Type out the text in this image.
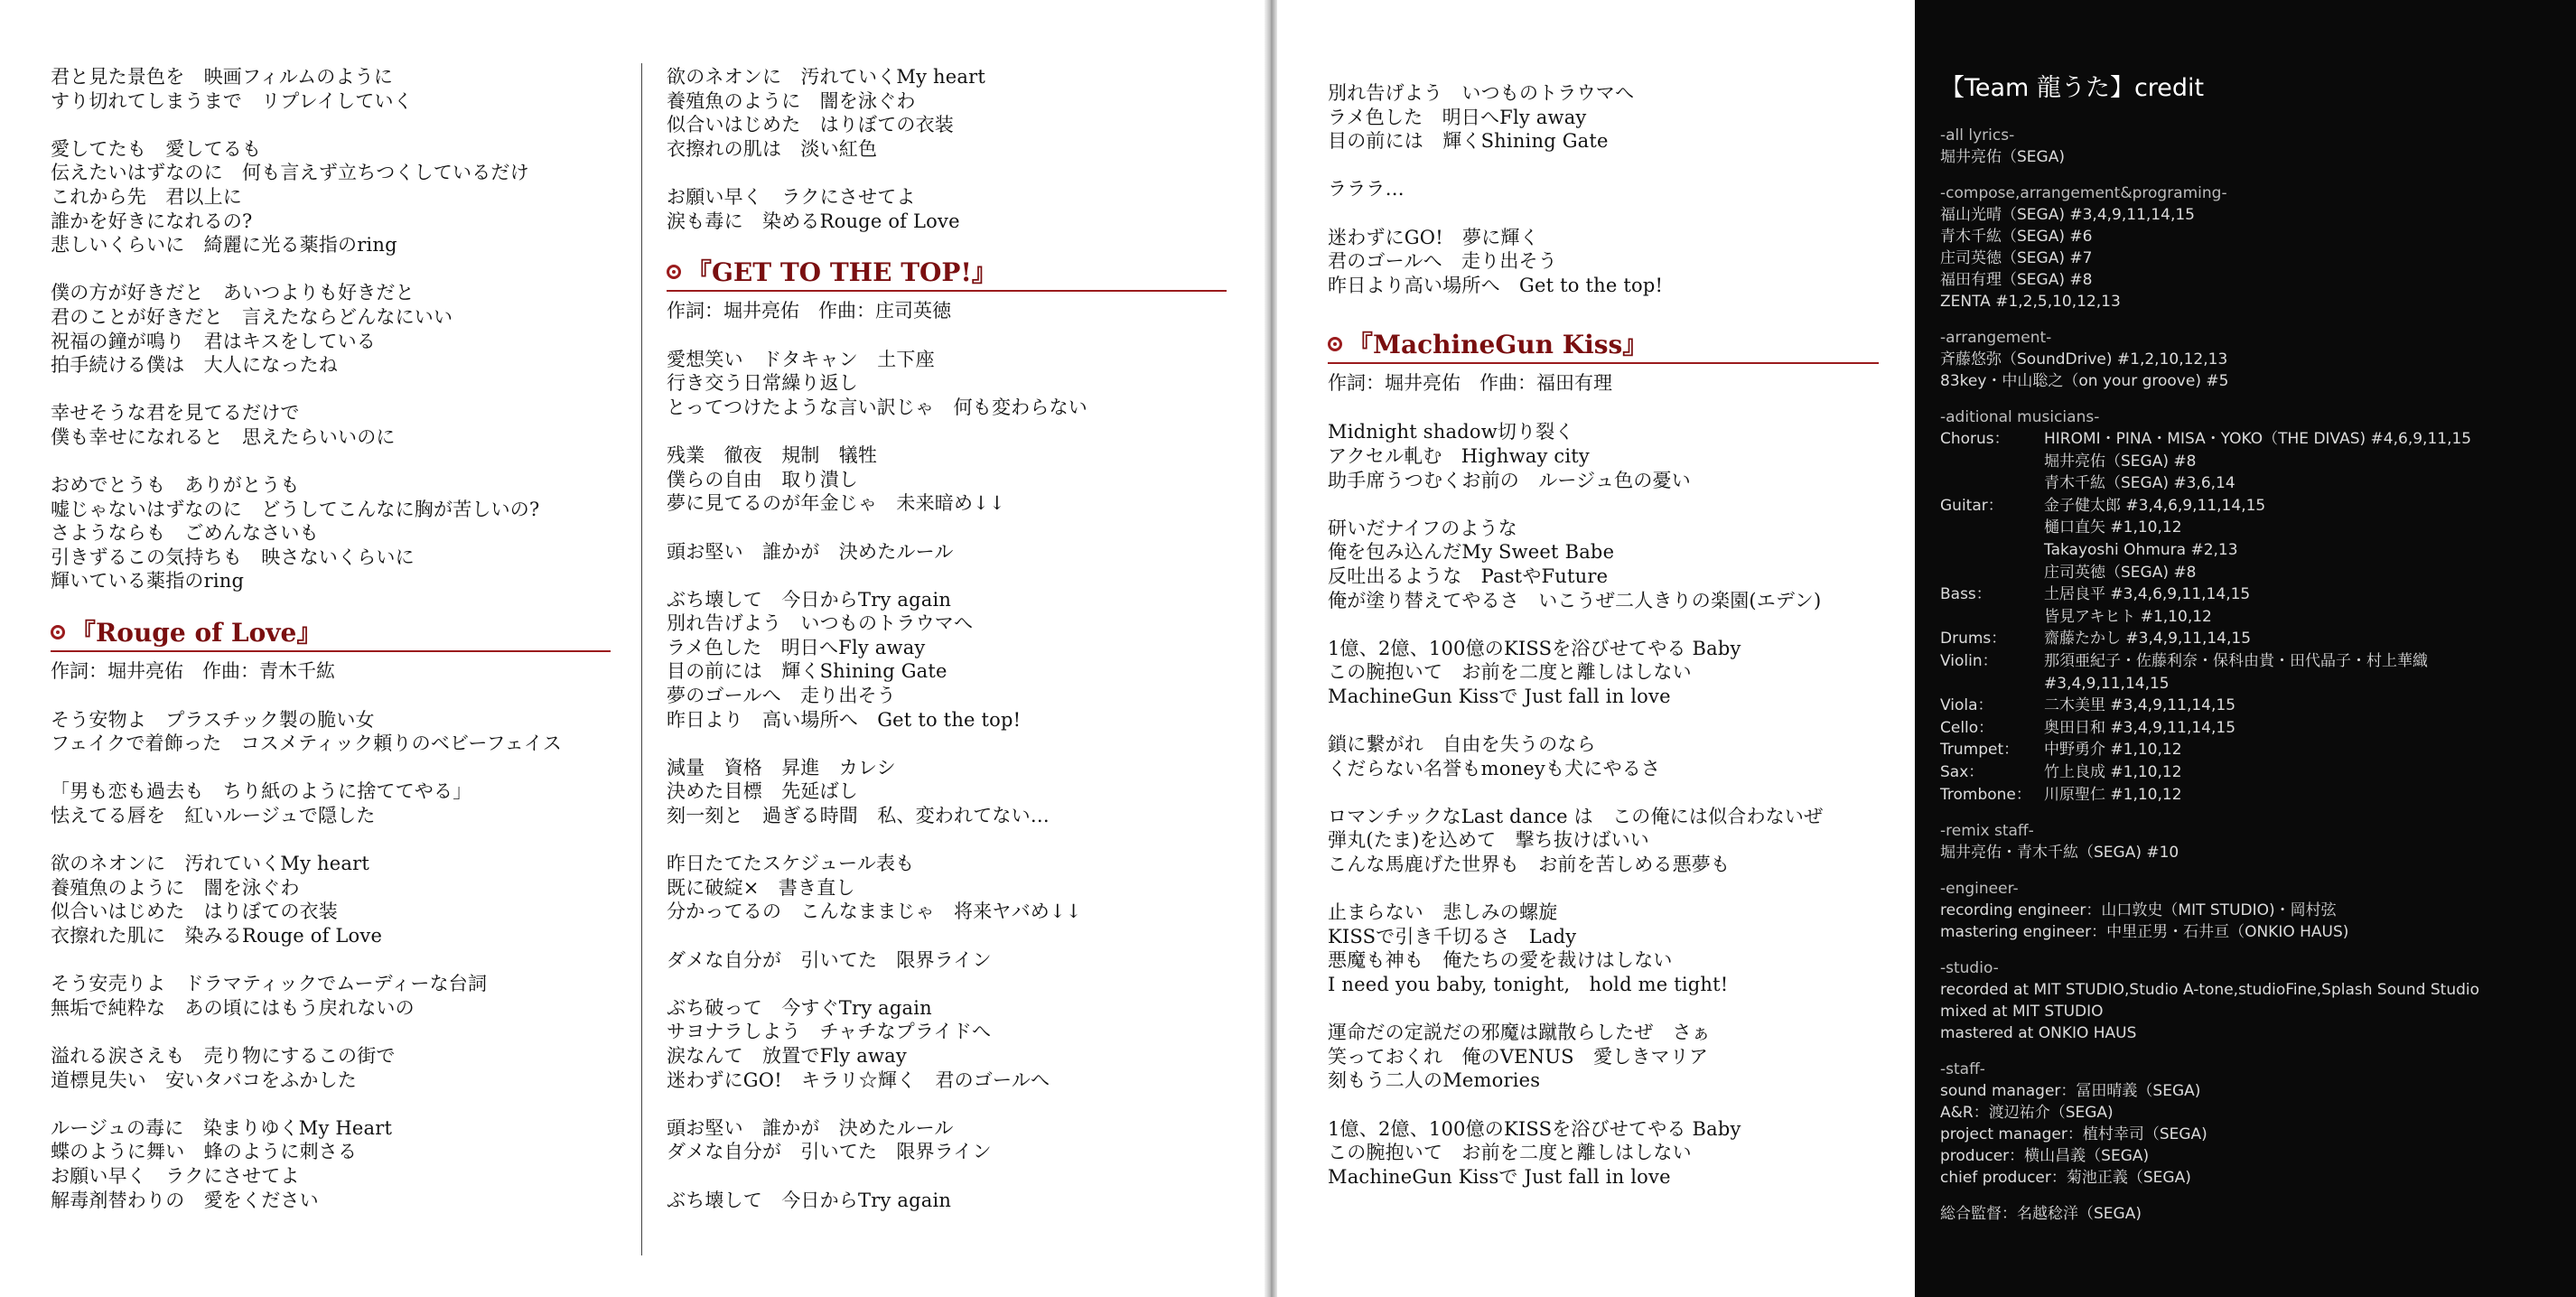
君と見た景色を　映画フィルムのように
すり切れてしまうまで　リプレイしていく
愛してたも　愛してるも
伝えたいはずなのに　何も言えず立ちつくしているだけ
これから先　君以上に
誰かを好きになれるの?
悲しいくらいに　綺麗に光る薬指のring
僕の方が好きだと　あいつよりも好きだと
君のことが好きだと　言えたならどんなにいい
祝福の鐘が鳴り　君はキスをしている
拍手続ける僕は　大人になったね
幸せそうな君を見てるだけで
僕も幸せになれると　思えたらいいのに
おめでとうも　ありがとうも
嘘じゃないはずなのに　どうしてこんなに胸が苦しいの?
さようならも　ごめんなさいも
引きずるこの気持ちも　映さないくらいに
輝いている薬指のring
『Rouge of Love』
作詞：堀井亮佑　作曲：青木千紘
そう安物よ　プラスチック製の脆い女
フェイクで着飾った　コスメティック頼りのベビーフェイス
「男も恋も過去も　ちり紙のように捨ててやる」
怯えてる唇を　紅いルージュで隠した
欲のネオンに　汚れていくMy heart
養殖魚のように　闇を泳ぐわ
似合いはじめた　はりぼての衣装
衣擦れた肌に　染みるRouge of Love
そう安売りよ　ドラマティックでムーディーな台詞
無垢で純粋な　あの頃にはもう戻れないの
溢れる涙さえも　売り物にするこの街で
道標見失い　安いタバコをふかした
ルージュの毒に　染まりゆくMy Heart
蝶のように舞い　蜂のように刺さる
お願い早く　ラクにさせてよ
解毒剤替わりの　愛をください
欲のネオンに　汚れていくMy heart
養殖魚のように　闇を泳ぐわ
似合いはじめた　はりぼての衣装
衣擦れの肌は　淡い紅色
お願い早く　ラクにさせてよ
涙も毒に　染めるRouge of Love
『GET TO THE TOP!』
作詞：堀井亮佑　作曲：庄司英徳
愛想笑い　ドタキャン　土下座
行き交う日常繰り返し
とってつけたような言い訳じゃ　何も変わらない
残業　徹夜　規制　犠牲
僕らの自由　取り潰し
夢に見てるのが年金じゃ　未来暗め↓↓
頭お堅い　誰かが　決めたルール
ぶち壊して　今日からTry again
別れ告げよう　いつものトラウマへ
ラメ色した　明日へFly away
目の前には　輝くShining Gate
夢のゴールへ　走り出そう
昨日より　高い場所へ　Get to the top!
減量　資格　昇進　カレシ
決めた目標　先延ばし
刻一刻と　過ぎる時間　私、変われてない…
昨日たてたスケジュール表も
既に破綻×　書き直し
分かってるの　こんなままじゃ　将来ヤバめ↓↓
ダメな自分が　引いてた　限界ライン
ぶち破って　今すぐTry again
サヨナラしよう　チャチなプライドへ
涙なんて　放置でFly away
迷わずにGO!　キラリ☆輝く　君のゴールへ
頭お堅い　誰かが　決めたルール
ダメな自分が　引いてた　限界ライン
ぶち壊して　今日からTry again
別れ告げよう　いつものトラウマへ
ラメ色した　明日へFly away
目の前には　輝くShining Gate
ラララ…
迷わずにGO!　夢に輝く
君のゴールへ　走り出そう
昨日より高い場所へ　Get to the top!
『MachineGun Kiss』
作詞：堀井亮佑　作曲：福田有理
Midnight shadow切り裂く
アクセル軋む　Highway city
助手席うつむくお前の　ルージュ色の憂い
研いだナイフのような
俺を包み込んだMy Sweet Babe
反吐出るような　PastやFuture
俺が塗り替えてやるさ　いこうぜ二人きりの楽園(エデン)
1億、2億、100億のKISSを浴びせてやる Baby
この腕抱いて　お前を二度と離しはしない
MachineGun Kissで Just fall in love
鎖に繋がれ　自由を失うのなら
くだらない名誉もmoneyも犬にやるさ
ロマンチックなLast dance は　この俺には似合わないぜ
弾丸(たま)を込めて　撃ち抜けばいい
こんな馬鹿げた世界も　お前を苦しめる悪夢も
止まらない　悲しみの螺旋
KISSで引き千切るさ　Lady
悪魔も神も　俺たちの愛を裁けはしない
I need you baby, tonight,　hold me tight!
運命だの定説だの邪魔は蹴散らしたぜ　さぁ
笑っておくれ　俺のVENUS　愛しきマリア
刻もう二人のMemories
1億、2億、100億のKISSを浴びせてやる Baby
この腕抱いて　お前を二度と離しはしない
MachineGun Kissで Just fall in love
【Team 龍うた】credit
-all lyrics-
堀井亮佑（SEGA)
-compose,arrangement&programing-
福山光晴（SEGA) #3,4,9,11,14,15
青木千紘（SEGA) #6
庄司英徳（SEGA) #7
福田有理（SEGA) #8
ZENTA #1,2,5,10,12,13
-arrangement-
斉藤悠弥（SoundDrive) #1,2,10,12,13
83key・中山聡之（on your groove) #5
-aditional musicians-
Chorus：	HIROMI・PINA・MISA・YOKO（THE DIVAS) #4,6,9,11,15
堀井亮佑（SEGA) #8
青木千紘（SEGA) #3,6,14
Guitar：	金子健太郎 #3,4,6,9,11,14,15
樋口直矢 #1,10,12
Takayoshi Ohmura #2,13
庄司英徳（SEGA) #8
Bass：	土居良平 #3,4,6,9,11,14,15
皆見アキヒト #1,10,12
Drums：	齋藤たかし #3,4,9,11,14,15
Violin：	那須亜紀子・佐藤利奈・保科由貴・田代晶子・村上華織
#3,4,9,11,14,15
Viola：	二木美里 #3,4,9,11,14,15
Cello：	奥田日和 #3,4,9,11,14,15
Trumpet：	中野勇介 #1,10,12
Sax：	竹上良成 #1,10,12
Trombone： 川原聖仁 #1,10,12
-remix staff-
堀井亮佑・青木千紘（SEGA) #10
-engineer-
recording engineer：山口敦史（MIT STUDIO)・岡村弦
mastering engineer：中里正男・石井亘（ONKIO HAUS)
-studio-
recorded at MIT STUDIO,Studio A-tone,studioFine,Splash Sound Studio
mixed at MIT STUDIO
mastered at ONKIO HAUS
-staff-
sound manager：冨田晴義（SEGA)
A&R：渡辺祐介（SEGA)
project manager：植村幸司（SEGA)
producer：横山昌義（SEGA)
chief producer：菊池正義（SEGA)
総合監督：名越稔洋（SEGA)
